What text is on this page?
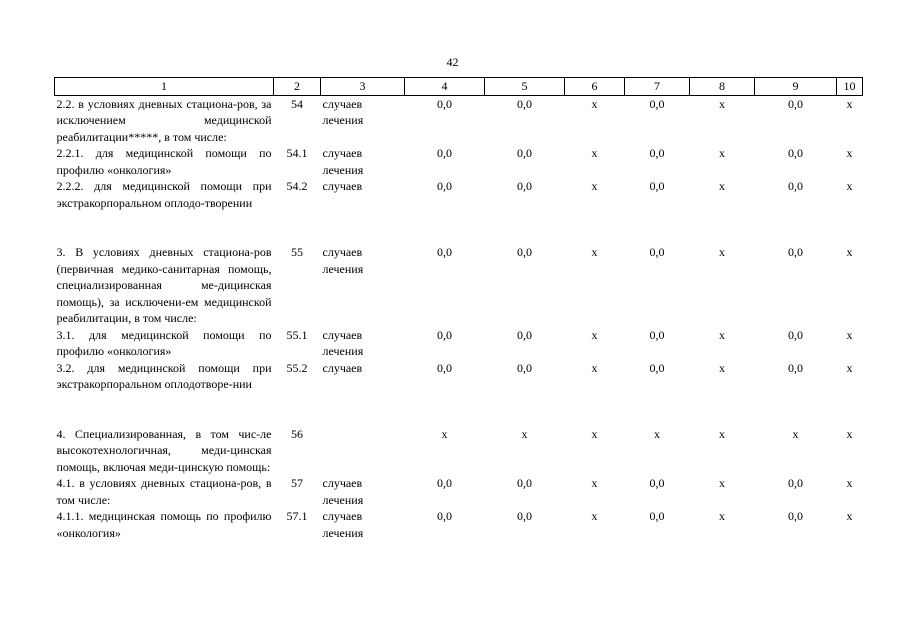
42
1	2	3	4	5	6	7	8	9	10
2.2. в условиях дневных стациона-ров, за исключением медицинской реабилитации*****, в том числе:	54	случаев лечения	0,0	0,0	х	0,0	х	0,0	х
2.2.1. для медицинской помощи по профилю «онкология»	54.1	случаев лечения	0,0	0,0	х	0,0	х	0,0	х
2.2.2. для медицинской помощи при экстракорпоральном оплодо-творении	54.2	случаев	0,0	0,0	х	0,0	х	0,0	х

3. В условиях дневных стациона-ров (первичная медико-санитарная помощь, специализированная ме-дицинская помощь), за исключени-ем медицинской реабилитации, в том числе:	55	случаев лечения	0,0	0,0	х	0,0	х	0,0	х
3.1. для медицинской помощи по профилю «онкология»	55.1	случаев лечения	0,0	0,0	х	0,0	х	0,0	х
3.2. для медицинской помощи при экстракорпоральном оплодотворе-нии	55.2	случаев	0,0	0,0	х	0,0	х	0,0	х

4. Специализированная, в том чис-ле высокотехнологичная, меди-цинская помощь, включая меди-цинскую помощь:	56		х	х	х	х	х	х	х
4.1. в условиях дневных стациона-ров, в том числе:	57	случаев лечения	0,0	0,0	х	0,0	х	0,0	х
4.1.1. медицинская помощь по профилю «онкология»	57.1	случаев лечения	0,0	0,0	х	0,0	х	0,0	х
